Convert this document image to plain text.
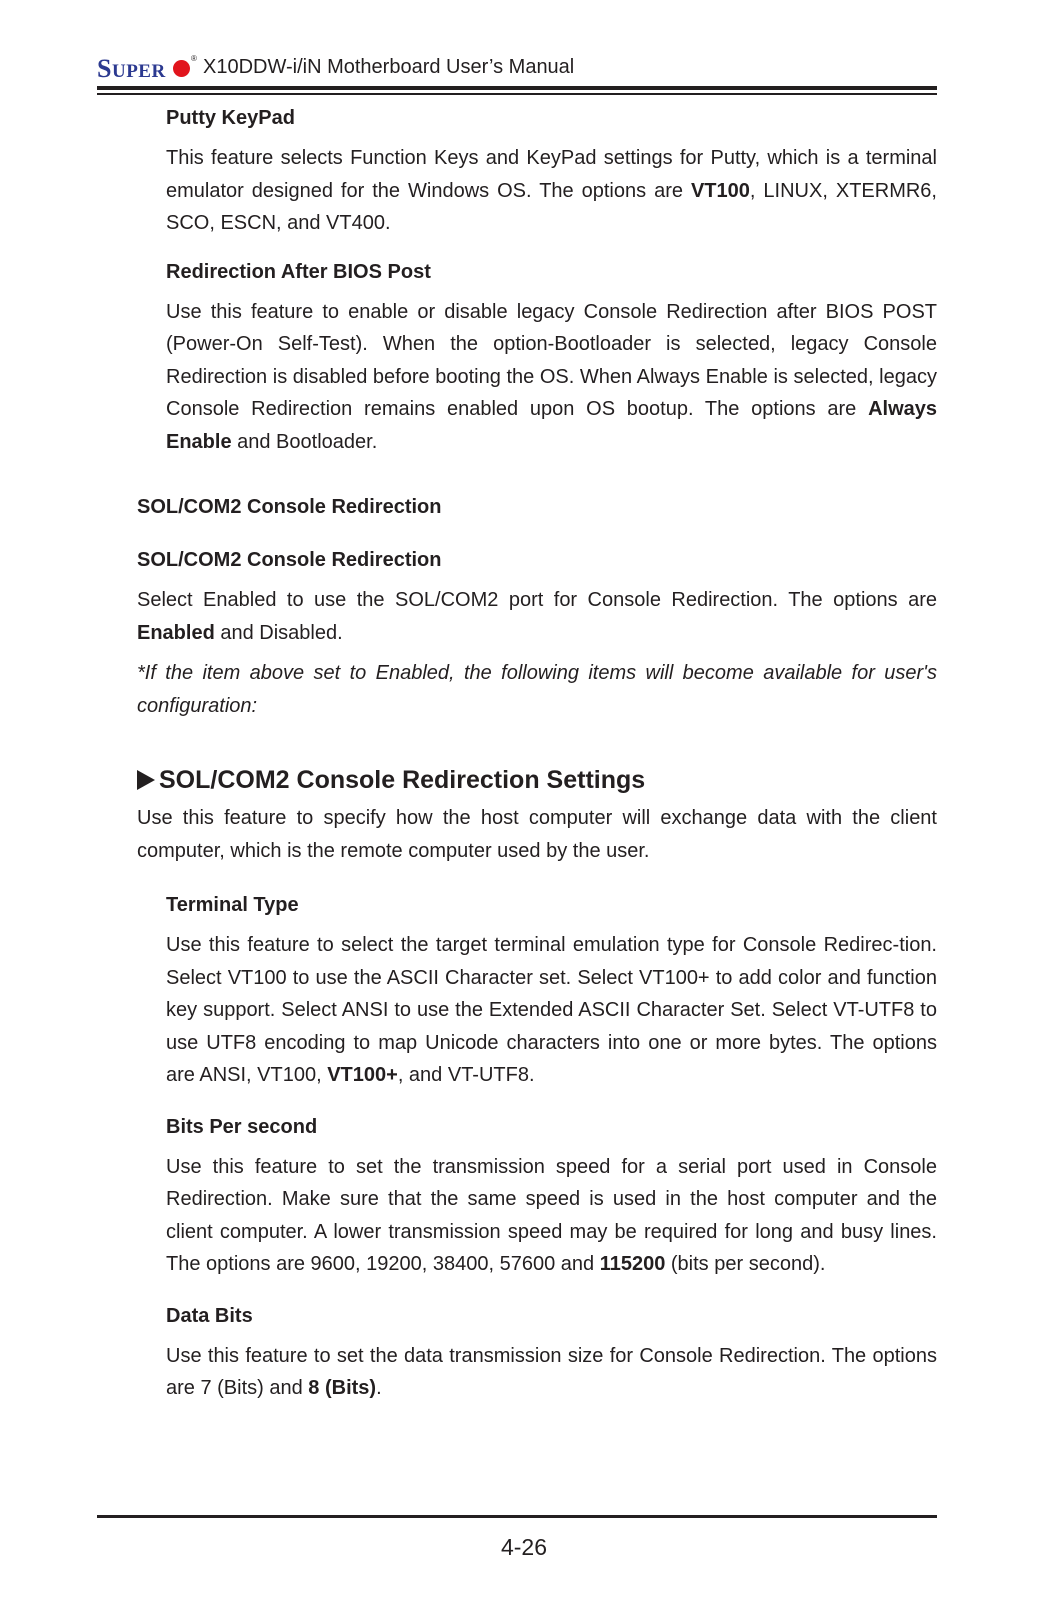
SUPER
® X10DDW-i/iN Motherboard User’s Manual

Putty KeyPad

This feature selects Function Keys and KeyPad settings for Putty, which is a terminal emulator designed for the Windows OS. The options are VT100, LINUX, XTERMR6, SCO, ESCN, and VT400.

Redirection After BIOS Post

Use this feature to enable or disable legacy Console Redirection after BIOS POST (Power-On Self-Test). When the option-Bootloader is selected, legacy Console Redirection is disabled before booting the OS. When Always Enable is selected, legacy Console Redirection remains enabled upon OS bootup. The options are Always Enable and Bootloader.

SOL/COM2 Console Redirection

SOL/COM2 Console Redirection

Select Enabled to use the SOL/COM2 port for Console Redirection. The options are Enabled and Disabled.

*If the item above set to Enabled, the following items will become available for user's configuration:

SOL/COM2 Console Redirection Settings

Use this feature to specify how the host computer will exchange data with the client computer, which is the remote computer used by the user.

Terminal Type

Use this feature to select the target terminal emulation type for Console Redirec-tion. Select VT100 to use the ASCII Character set. Select VT100+ to add color and function key support. Select ANSI to use the Extended ASCII Character Set. Select VT-UTF8 to use UTF8 encoding to map Unicode characters into one or more bytes. The options are ANSI, VT100, VT100+, and VT-UTF8.

Bits Per second

Use this feature to set the transmission speed for a serial port used in Console Redirection. Make sure that the same speed is used in the host computer and the client computer. A lower transmission speed may be required for long and busy lines. The options are 9600, 19200, 38400, 57600 and 115200 (bits per second).

Data Bits

Use this feature to set the data transmission size for Console Redirection. The options are 7 (Bits) and 8 (Bits).

4-26
